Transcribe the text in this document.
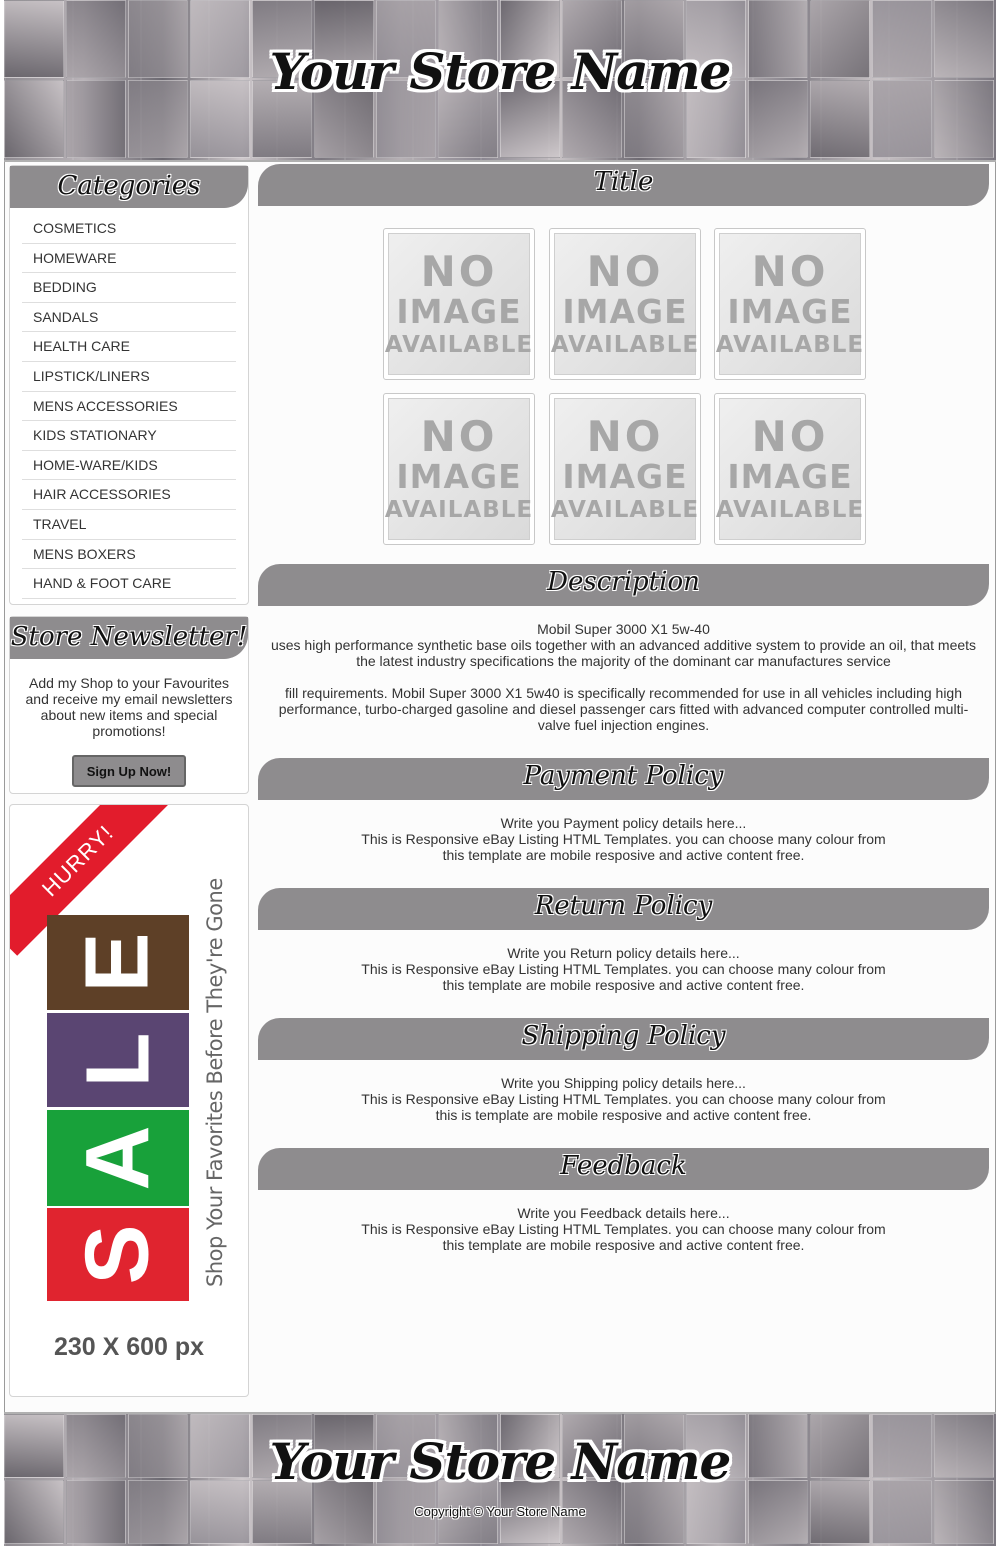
Your Store Name
Categories
COSMETICS
HOMEWARE
BEDDING
SANDALS
HEALTH CARE
LIPSTICK/LINERS
MENS ACCESSORIES
KIDS STATIONARY
HOME-WARE/KIDS
HAIR ACCESSORIES
TRAVEL
MENS BOXERS
HAND & FOOT CARE
Store Newsletter!
Add my Shop to your Favourites and receive my email newsletters about new items and special promotions!
Sign Up Now!
HURRY!
E
L
A
S	Shop Your Favorites Before They're Gone
230 X 600 px
Title
NO
IMAGE
AVAILABLE
NO
IMAGE
AVAILABLE
NO
IMAGE
AVAILABLE
NO
IMAGE
AVAILABLE
NO
IMAGE
AVAILABLE
NO
IMAGE
AVAILABLE
Description
Mobil Super 3000 X1 5w-40
uses high performance synthetic base oils together with an advanced additive system to provide an oil, that meets the latest industry specifications the majority of the dominant car manufactures service
fill requirements. Mobil Super 3000 X1 5w40 is specifically recommended for use in all vehicles including high performance, turbo-charged gasoline and diesel passenger cars fitted with advanced computer controlled multi-valve fuel injection engines.
Payment Policy
Write you Payment policy details here...
This is Responsive eBay Listing HTML Templates. you can choose many colour from this template are mobile resposive and active content free.
Return Policy
Write you Return policy details here...
This is Responsive eBay Listing HTML Templates. you can choose many colour from this template are mobile resposive and active content free.
Shipping Policy
Write you Shipping policy details here...
This is Responsive eBay Listing HTML Templates. you can choose many colour from this is template are mobile resposive and active content free.
Feedback
Write you Feedback details here...
This is Responsive eBay Listing HTML Templates. you can choose many colour from this template are mobile resposive and active content free.
Your Store Name
Copyright © Your Store Name
